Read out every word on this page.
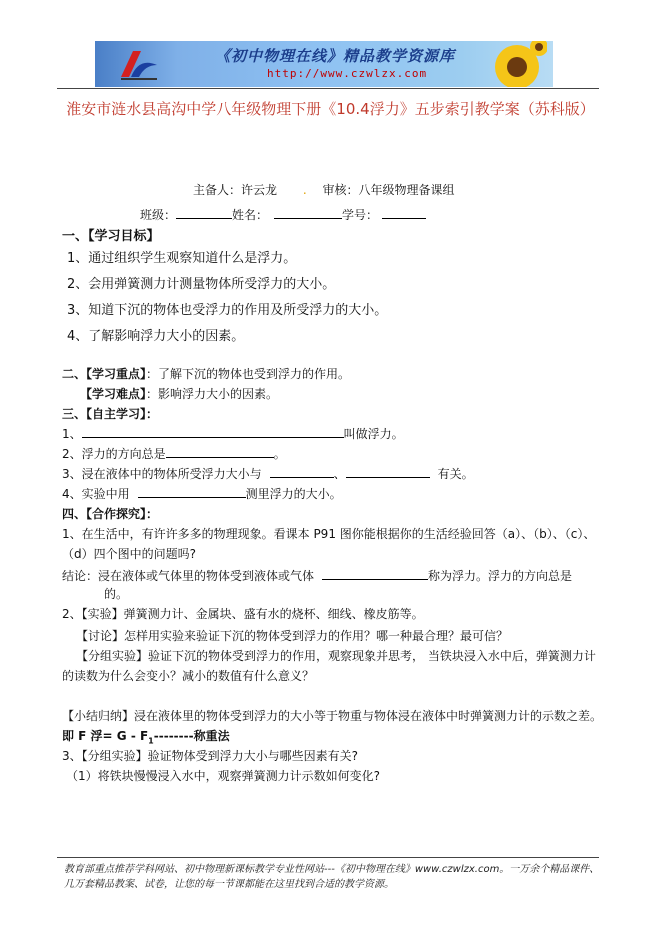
《初中物理在线》精品教学资源库
http://www.czwlzx.com
淮安市涟水县高沟中学八年级物理下册《10.4浮力》五步索引教学案（苏科版）
主备人：许云龙 . 审核：八年级物理备课组
班级：	姓名：	学号：
一、【学习目标】
1、通过组织学生观察知道什么是浮力。
2、会用弹簧测力计测量物体所受浮力的大小。
3、知道下沉的物体也受浮力的作用及所受浮力的大小。
4、了解影响浮力大小的因素。
二、【学习重点】：了解下沉的物体也受到浮力的作用。
【学习难点】：影响浮力大小的因素。
三、【自主学习】：
1、	叫做浮力。
2、浮力的方向总是	。
3、浸在液体中的物体所受浮力大小与	、	有关。
4、实验中用	测里浮力的大小。
四、【合作探究】：
1、在生活中，有许许多多的物理现象。看课本 P91 图你能根据你的生活经验回答（a）、（b）、（c）、
（d）四个图中的问题吗?
结论：浸在液体或气体里的物体受到液体或气体	称为浮力。浮力的方向总是
的。
2、【实验】弹簧测力计、金属块、盛有水的烧杯、细线、橡皮筋等。
【讨论】怎样用实验来验证下沉的物体受到浮力的作用？哪一种最合理？最可信？
【分组实验】验证下沉的物体受到浮力的作用，观察现象并思考， 当铁块浸入水中后，弹簧测力计
的读数为什么会变小？减小的数值有什么意义？
【小结归纳】浸在液体里的物体受到浮力的大小等于物重与物体浸在液体中时弹簧测力计的示数之差。
即 F 浮= G - $F_1--------$称重法
3、【分组实验】验证物体受到浮力大小与哪些因素有关?
（1）将铁块慢慢浸入水中，观察弹簧测力计示数如何变化?
教育部重点推荐学科网站、初中物理新课标教学专业性网站---《初中物理在线》www.czwlzx.com。一万余个精品课件、
几万套精品教案、试卷，让您的每一节课都能在这里找到合适的教学资源。
